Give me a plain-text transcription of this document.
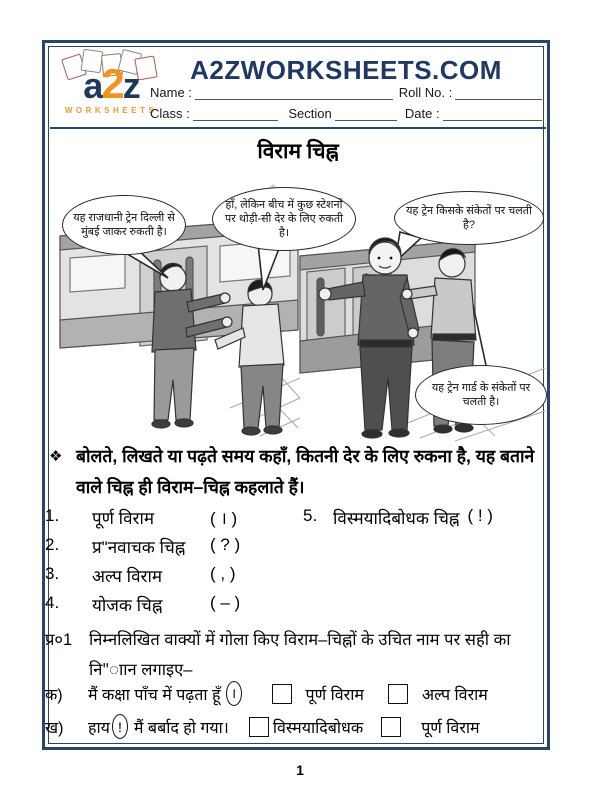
a2z
WORKSHEETS
A2ZWORKSHEETS.COM
Name :	Roll No. :
Class :	Section	Date :
विराम चिह्न
यह राजधानी ट्रेन दिल्ली से मुंबई जाकर रुकती है।
हाँ, लेकिन बीच में कुछ स्टेशनों पर थोड़ी-सी देर के लिए रुकती है।
यह ट्रेन किसके संकेतों पर चलती है?
यह ट्रेन गार्ड के संकेतों पर चलती है।
❖ बोलते, लिखते या पढ़ते समय कहाँ, कितनी देर के लिए रुकना है, यह बताने वाले चिह्न ही विराम–चिह्न कहलाते हैं।
1.	पूर्ण विराम	( । )	5. विस्मयादिबोधक चिह्न ( ! )
2.	प्र"नवाचक चिह्न	( ? )
3.	अल्प विराम	( , )
4.	योजक चिह्न	( – )
प्र०1	निम्नलिखित वाक्यों में गोला किए विराम–चिह्नों के उचित नाम पर सही का
नि"ाान लगाइए–
क)	मैं कक्षा पाँच में पढ़ता हूँ ।	पूर्ण विराम	अल्प विराम
ख)	हाय ! मैं बर्बाद हो गया।	विस्मयादिबोधक	पूर्ण विराम
1
